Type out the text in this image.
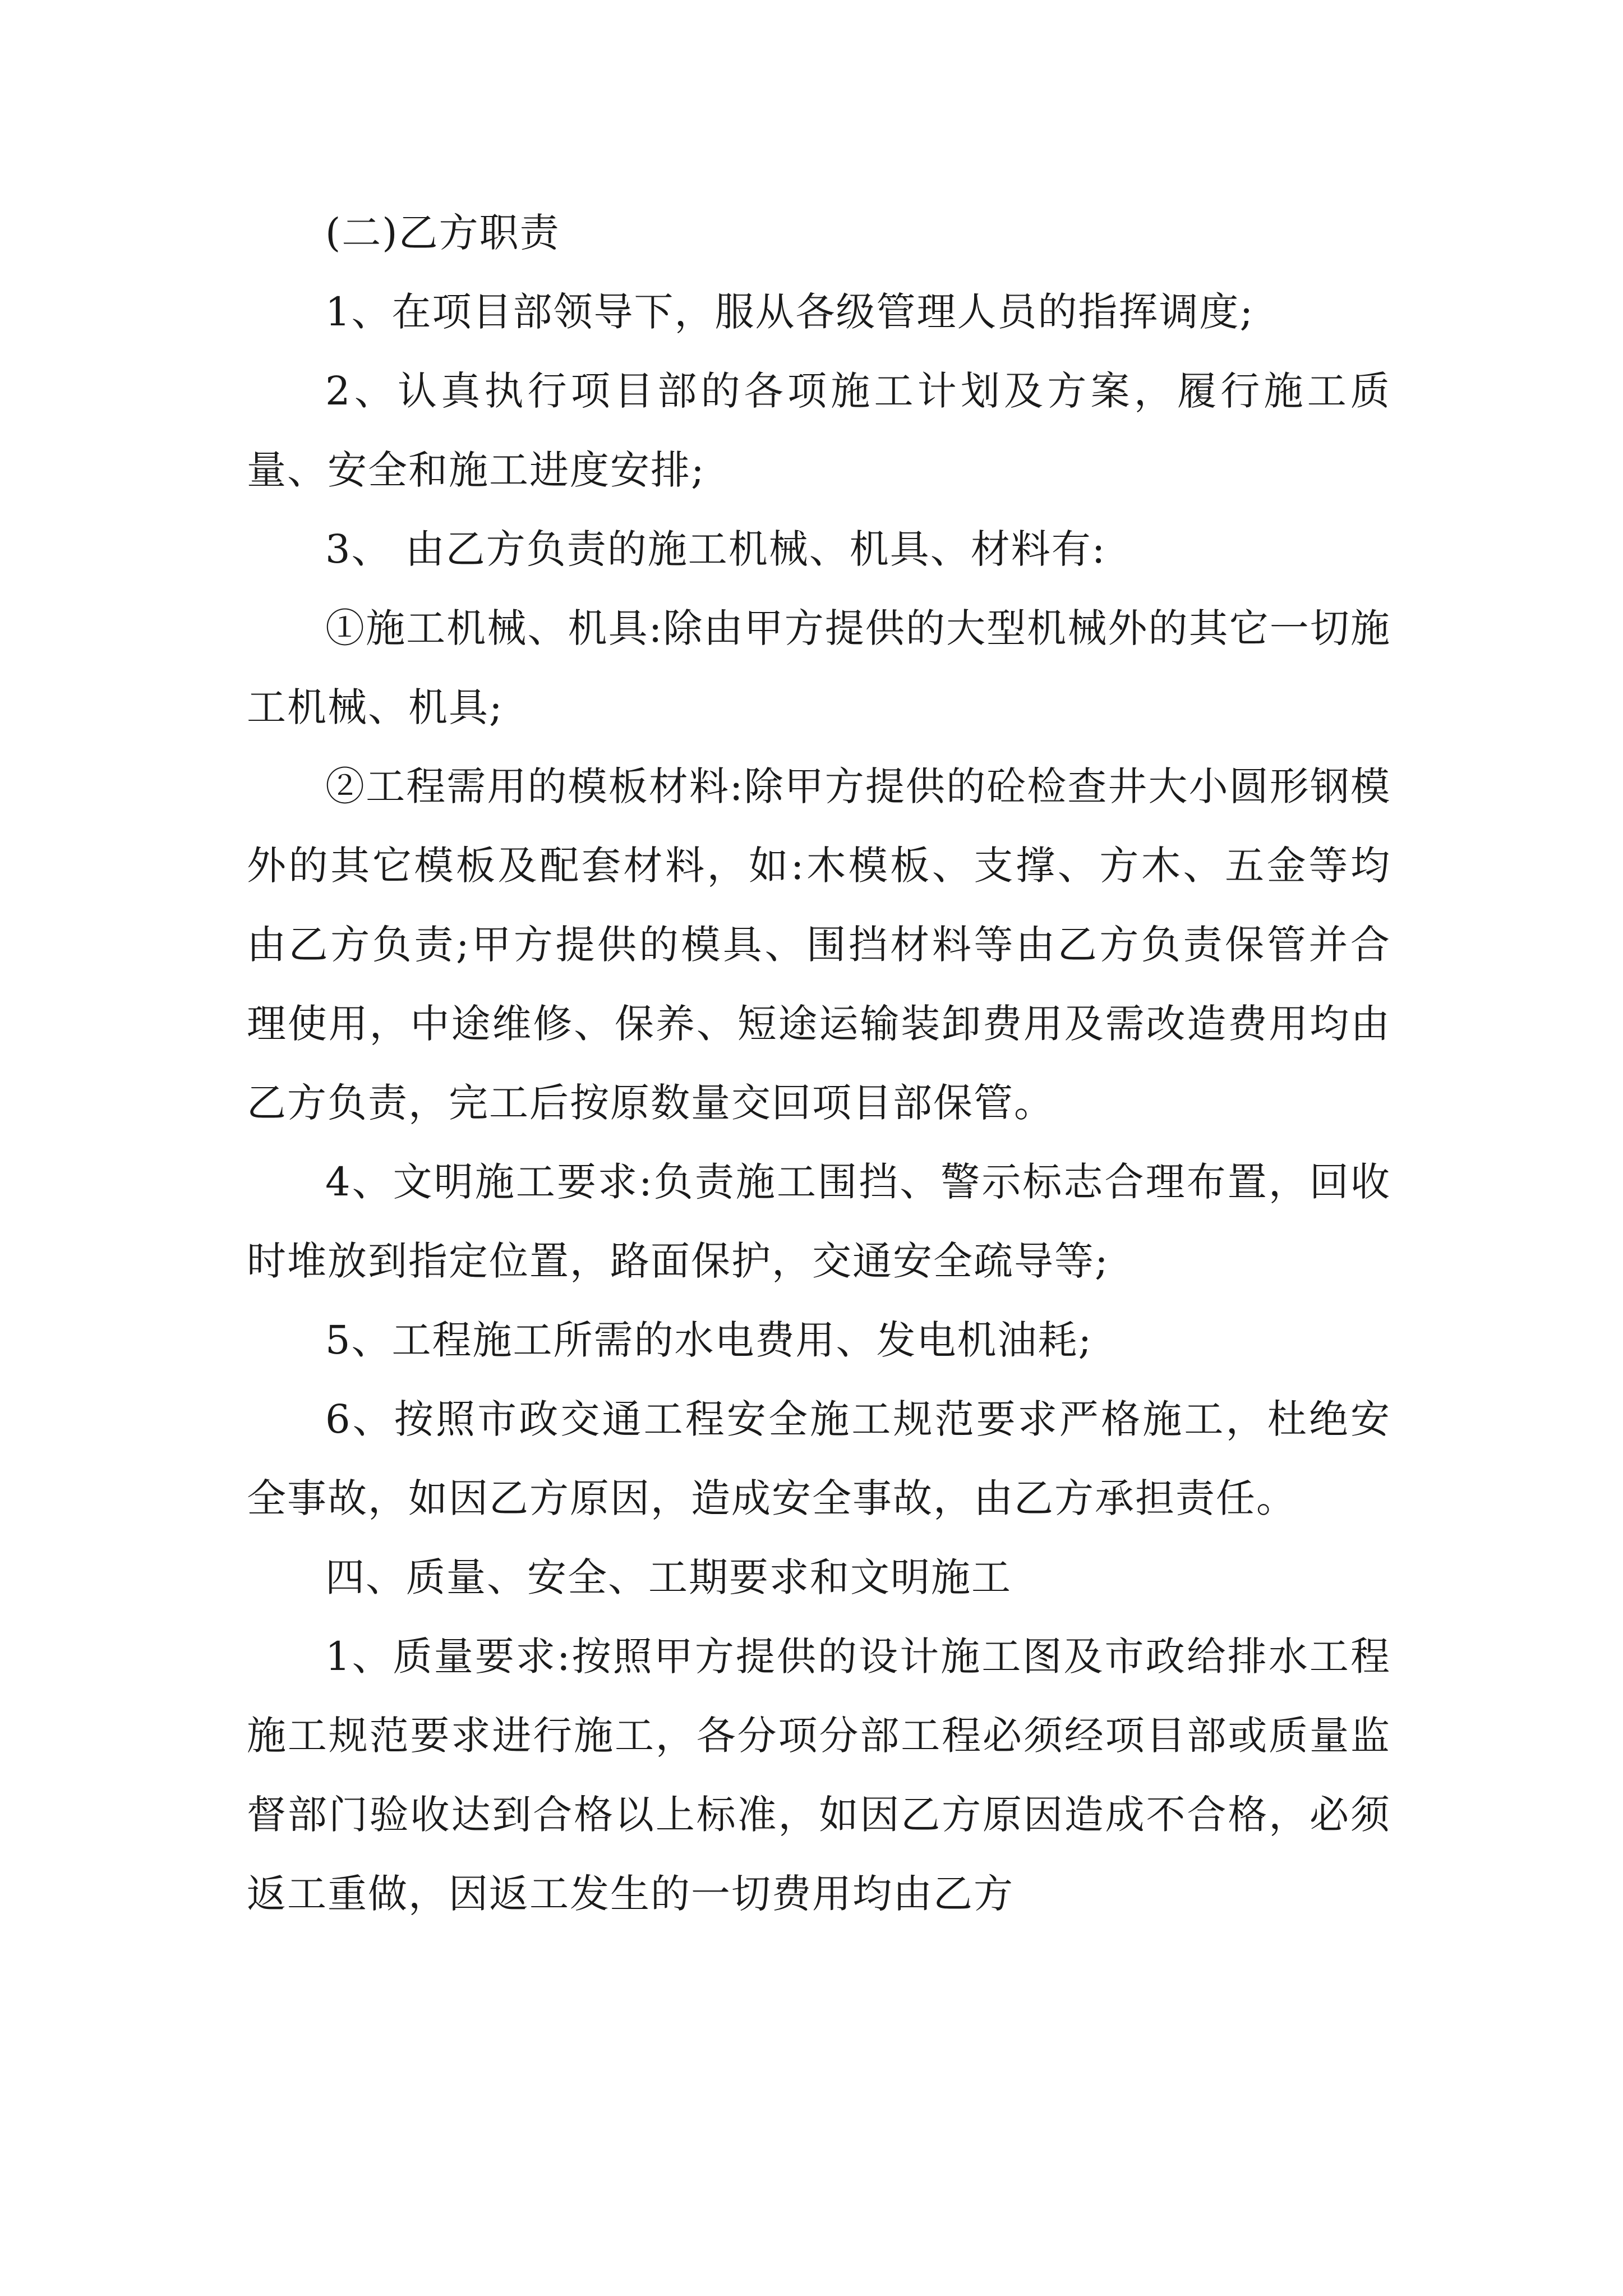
(二)乙方职责

1、在项目部领导下，服从各级管理人员的指挥调度;

2、认真执行项目部的各项施工计划及方案，履行施工质量、安全和施工进度安排;

3、 由乙方负责的施工机械、机具、材料有:

①施工机械、机具:除由甲方提供的大型机械外的其它一切施工机械、机具;

②工程需用的模板材料:除甲方提供的砼检查井大小圆形钢模外的其它模板及配套材料，如:木模板、支撑、方木、五金等均由乙方负责;甲方提供的模具、围挡材料等由乙方负责保管并合理使用，中途维修、保养、短途运输装卸费用及需改造费用均由乙方负责，完工后按原数量交回项目部保管。

4、文明施工要求:负责施工围挡、警示标志合理布置，回收时堆放到指定位置，路面保护，交通安全疏导等;

5、工程施工所需的水电费用、发电机油耗;

6、按照市政交通工程安全施工规范要求严格施工，杜绝安全事故，如因乙方原因，造成安全事故，由乙方承担责任。

四、质量、安全、工期要求和文明施工

1、质量要求:按照甲方提供的设计施工图及市政给排水工程施工规范要求进行施工，各分项分部工程必须经项目部或质量监督部门验收达到合格以上标准，如因乙方原因造成不合格，必须返工重做，因返工发生的一切费用均由乙方
